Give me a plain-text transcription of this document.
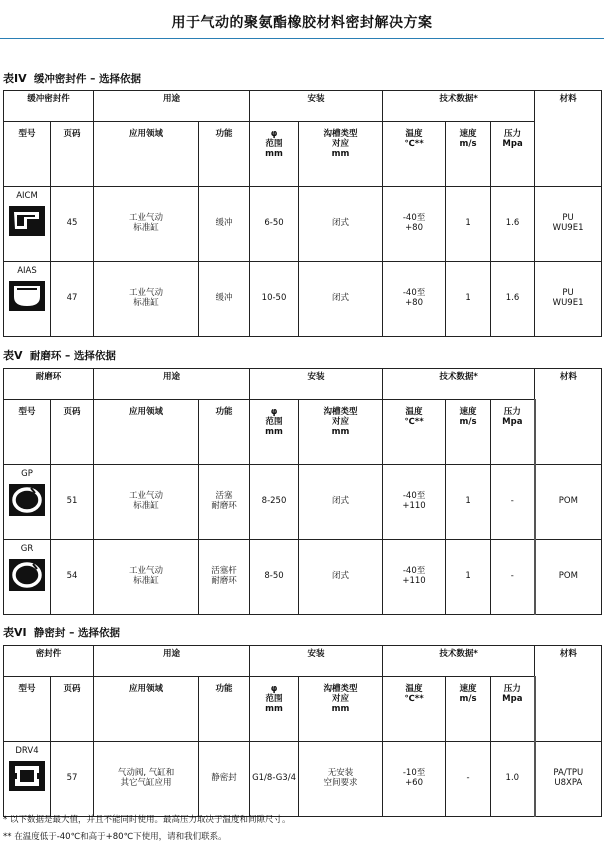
用于气动的聚氨酯橡胶材料密封解决方案
表IV 缓冲密封件 – 选择依据
缓冲密封件		用途		安装		技术数据*			材料
型号	页码	应用领域	功能	φ
范围
mm	沟槽类型
对应
mm	温度
℃**	速度
m/s	压力
Mpa	

AICM	45	工业气动
标准缸	缓冲	6-50	闭式	-40至
+80	1	1.6	PU
WU9E1

AIAS	47	工业气动
标准缸	缓冲	10-50	闭式	-40至
+80	1	1.6	PU
WU9E1
表V 耐磨环 – 选择依据
耐磨环		用途		安装		技术数据*			材料
型号	页码	应用领域	功能	φ
范围
mm	沟槽类型
对应
mm	温度
℃**	速度
m/s	压力
Mpa	

GP	51	工业气动
标准缸	活塞
耐磨环	8-250	闭式	-40至
+110	1	-	POM

GR	54	工业气动
标准缸	活塞杆
耐磨环	8-50	闭式	-40至
+110	1	-	POM
表VI 静密封 – 选择依据
密封件		用途		安装		技术数据*			材料
型号	页码	应用领域	功能	φ
范围
mm	沟槽类型
对应
mm	温度
℃**	速度
m/s	压力
Mpa	

DRV4	57	气动阀, 气缸和
其它气缸应用	静密封	G1/8-G3/4	无安装
空间要求	-10至
+60	-	1.0	PA/TPU
U8XPA
* 以下数据是最大值，并且不能同时使用。最高压力取决于温度和间隙尺寸。
** 在温度低于-40℃和高于+80℃下使用，请和我们联系。
